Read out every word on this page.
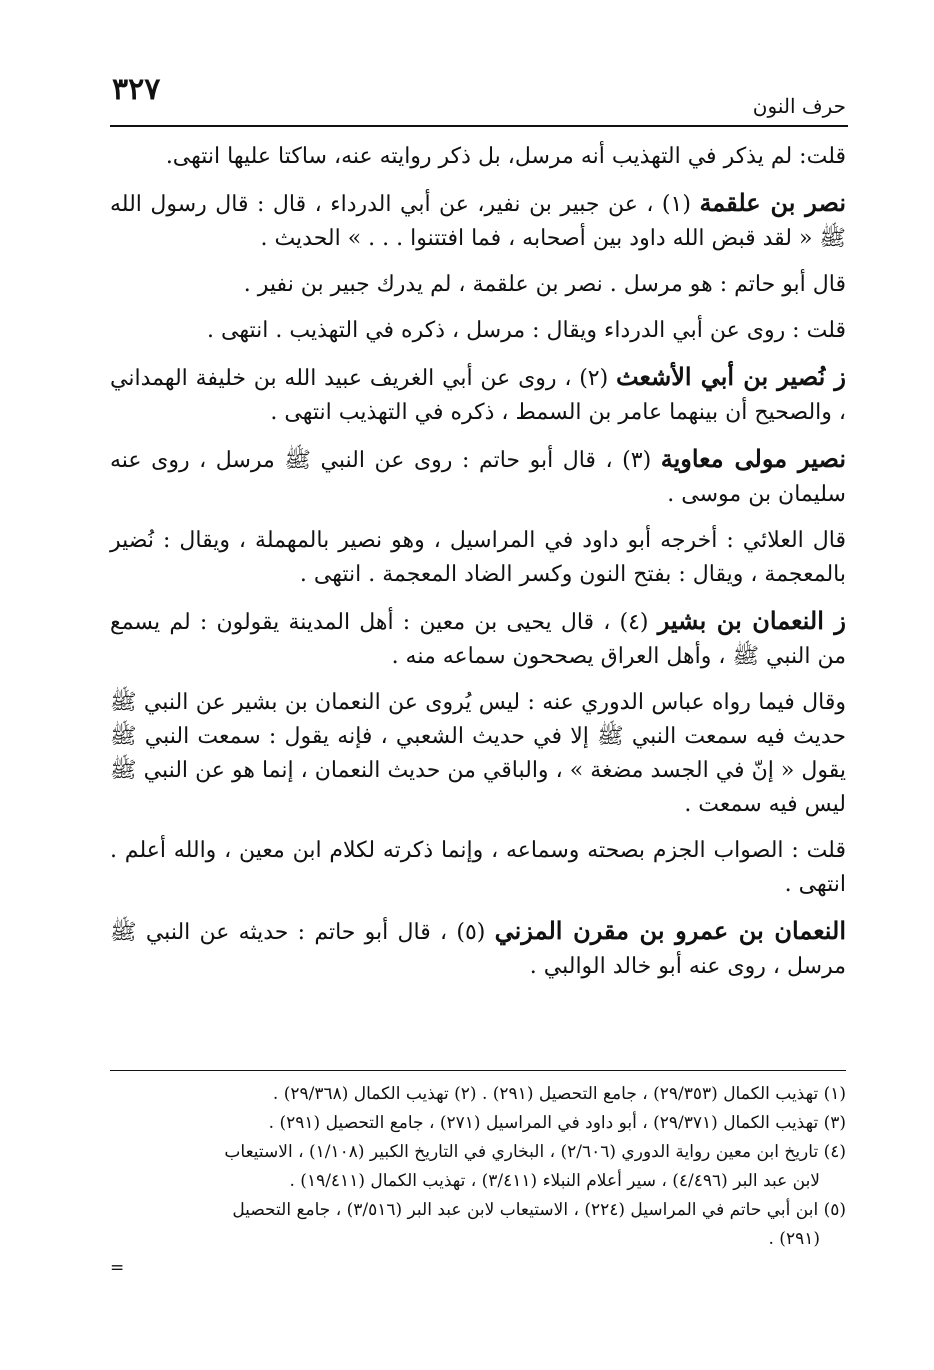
٣٢٧	حرف النون

قلت: لم يذكر في التهذيب أنه مرسل، بل ذكر روايته عنه، ساكتا عليها انتهى.

نصر بن علقمة (١) ، عن جبير بن نفير، عن أبي الدرداء ، قال : قال رسول الله ﷺ « لقد قبض الله داود بين أصحابه ، فما افتتنوا . . . » الحديث .

قال أبو حاتم : هو مرسل . نصر بن علقمة ، لم يدرك جبير بن نفير .

قلت : روى عن أبي الدرداء ويقال : مرسل ، ذكره في التهذيب . انتهى .

ز نُصير بن أبي الأشعث (٢) ، روى عن أبي الغريف عبيد الله بن خليفة الهمداني ، والصحيح أن بينهما عامر بن السمط ، ذكره في التهذيب انتهى .

نصير مولى معاوية (٣) ، قال أبو حاتم : روى عن النبي ﷺ مرسل ، روى عنه سليمان بن موسى .

قال العلائي : أخرجه أبو داود في المراسيل ، وهو نصير بالمهملة ، ويقال : نُضير بالمعجمة ، ويقال : بفتح النون وكسر الضاد المعجمة . انتهى .

ز النعمان بن بشير (٤) ، قال يحيى بن معين : أهل المدينة يقولون : لم يسمع من النبي ﷺ ، وأهل العراق يصححون سماعه منه .

وقال فيما رواه عباس الدوري عنه : ليس يُروى عن النعمان بن بشير عن النبي ﷺ حديث فيه سمعت النبي ﷺ إلا في حديث الشعبي ، فإنه يقول : سمعت النبي ﷺ يقول « إنّ في الجسد مضغة » ، والباقي من حديث النعمان ، إنما هو عن النبي ﷺ ليس فيه سمعت .

قلت : الصواب الجزم بصحته وسماعه ، وإنما ذكرته لكلام ابن معين ، والله أعلم . انتهى .

النعمان بن عمرو بن مقرن المزني (٥) ، قال أبو حاتم : حديثه عن النبي ﷺ مرسل ، روى عنه أبو خالد الوالبي .

(١) تهذيب الكمال (٢٩/٣٥٣) ، جامع التحصيل (٢٩١) . (٢) تهذيب الكمال (٢٩/٣٦٨) .

(٣) تهذيب الكمال (٢٩/٣٧١) ، أبو داود في المراسيل (٢٧١) ، جامع التحصيل (٢٩١) .

(٤) تاريخ ابن معين رواية الدوري (٢/٦٠٦) ، البخاري في التاريخ الكبير (١/١٠٨) ، الاستيعاب

لابن عبد البر (٤/٤٩٦) ، سير أعلام النبلاء (٣/٤١١) ، تهذيب الكمال (١٩/٤١١) .

(٥) ابن أبي حاتم في المراسيل (٢٢٤) ، الاستيعاب لابن عبد البر (٣/٥١٦) ، جامع التحصيل

(٢٩١) .

=
